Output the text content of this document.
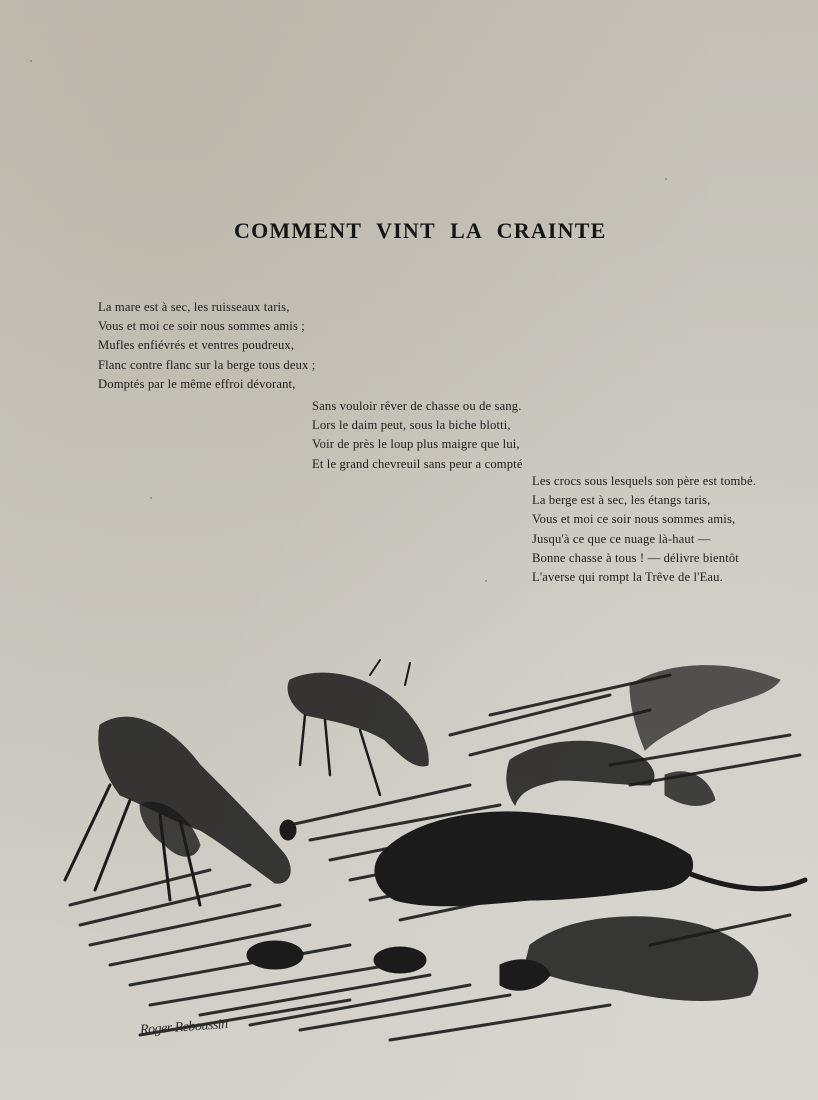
COMMENT VINT LA CRAINTE
La mare est à sec, les ruisseaux taris,
Vous et moi ce soir nous sommes amis ;
Mufles enfiévrés et ventres poudreux,
Flanc contre flanc sur la berge tous deux ;
Domptés par le même effroi dévorant,
Sans vouloir rêver de chasse ou de sang.
Lors le daim peut, sous la biche blotti,
Voir de près le loup plus maigre que lui,
Et le grand chevreuil sans peur a compté
Les crocs sous lesquels son père est tombé.
La berge est à sec, les étangs taris,
Vous et moi ce soir nous sommes amis,
Jusqu'à ce que ce nuage là-haut —
Bonne chasse à tous ! — délivre bientôt
L'averse qui rompt la Trêve de l'Eau.
Roger Reboussin
